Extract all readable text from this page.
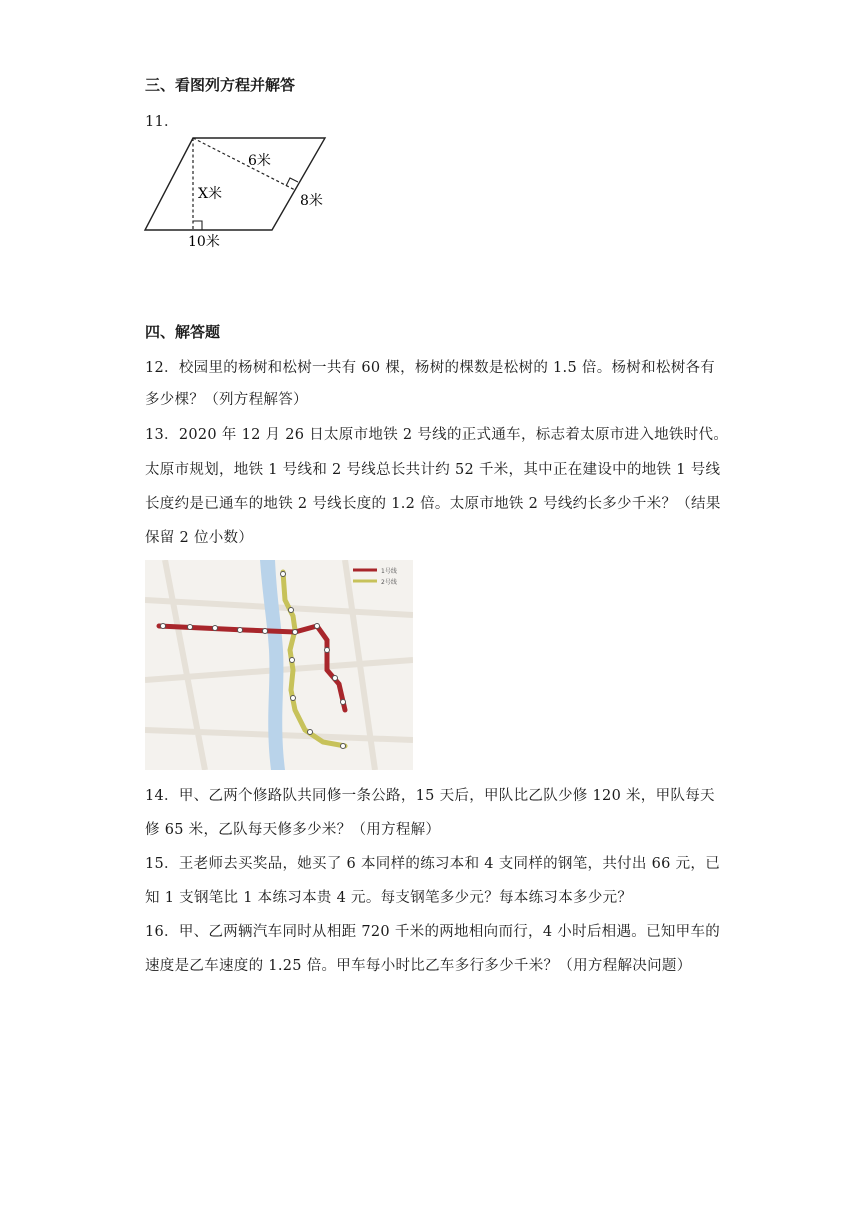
三、看图列方程并解答
11．
6米
X米	8米
10米
四、解答题
12．校园里的杨树和松树一共有 60 棵，杨树的棵数是松树的 1.5 倍。杨树和松树各有
多少棵？（列方程解答）
13．2020 年 12 月 26 日太原市地铁 2 号线的正式通车，标志着太原市进入地铁时代。
太原市规划，地铁 1 号线和 2 号线总长共计约 52 千米，其中正在建设中的地铁 1 号线
长度约是已通车的地铁 2 号线长度的 1.2 倍。太原市地铁 2 号线约长多少千米？（结果
保留 2 位小数）
1号线
2号线
14．甲、乙两个修路队共同修一条公路，15 天后，甲队比乙队少修 120 米，甲队每天
修 65 米，乙队每天修多少米？（用方程解）
15．王老师去买奖品，她买了 6 本同样的练习本和 4 支同样的钢笔，共付出 66 元，已
知 1 支钢笔比 1 本练习本贵 4 元。每支钢笔多少元？每本练习本多少元？
16．甲、乙两辆汽车同时从相距 720 千米的两地相向而行，4 小时后相遇。已知甲车的
速度是乙车速度的 1.25 倍。甲车每小时比乙车多行多少千米？（用方程解决问题）
